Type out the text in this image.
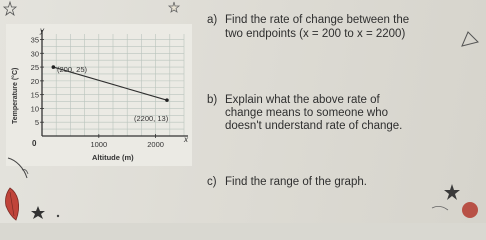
5
10
15
20
25
30
35
1000	2000
y
x
0
Temperature (°C)
Altitude (m)
(200, 25)
(2200, 13)
a) Find the rate of change between the
two endpoints (x = 200 to x = 2200)
b) Explain what the above rate of
change means to someone who
doesn't understand rate of change.
c) Find the range of the graph.
